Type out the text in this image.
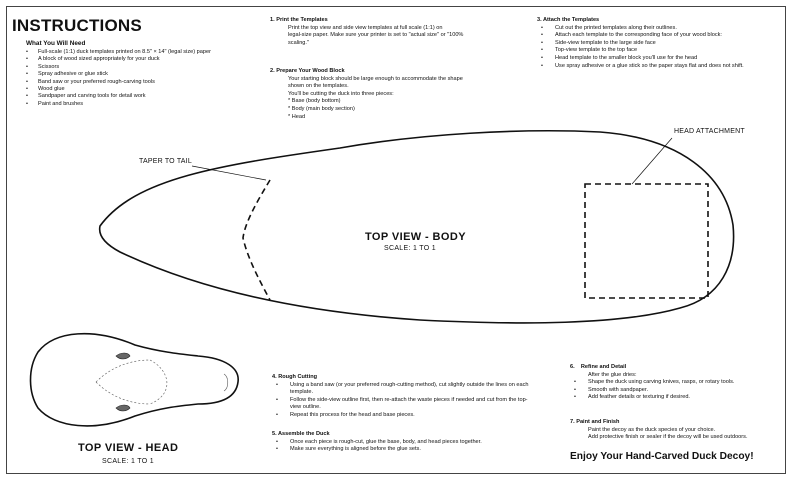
INSTRUCTIONS
What You Will Need
• Full-scale (1:1) duck templates printed on 8.5" × 14" (legal size) paper
• A block of wood sized appropriately for your duck
• Scissors
• Spray adhesive or glue stick
• Band saw or your preferred rough-carving tools
• Wood glue
• Sandpaper and carving tools for detail work
• Paint and brushes
1. Print the Templates
Print the top view and side view templates at full scale (1:1) on
legal-size paper. Make sure your printer is set to "actual size" or "100%
scaling."
2. Prepare Your Wood Block
Your starting block should be large enough to accommodate the shape
shown on the templates.
You'll be cutting the duck into three pieces:
* Base (body bottom)
* Body (main body section)
* Head
3. Attach the Templates
• Cut out the printed templates along their outlines.
• Attach each template to the corresponding face of your wood block:
• Side-view template to the large side face
• Top-view template to the top face
• Head template to the smaller block you'll use for the head
• Use spray adhesive or a glue stick so the paper stays flat and does not shift.
TAPER TO TAIL
HEAD ATTACHMENT
TOP VIEW - BODY
SCALE: 1 TO 1
4. Rough Cutting
• Using a band saw (or your preferred rough-cutting method), cut slightly outside the lines on each template.
• Follow the side-view outline first, then re-attach the waste pieces if needed and cut from the top-view outline.
• Repeat this process for the head and base pieces.
5. Assemble the Duck
• Once each piece is rough-cut, glue the base, body, and head pieces together.
• Make sure everything is aligned before the glue sets.
6.    Refine and Detail
After the glue dries:
• Shape the duck using carving knives, rasps, or rotary tools.
• Smooth with sandpaper.
• Add feather details or texturing if desired.
7. Paint and Finish
Paint the decoy as the duck species of your choice.
Add protective finish or sealer if the decoy will be used outdoors.
TOP VIEW - HEAD
SCALE: 1 TO 1	Enjoy Your Hand-Carved Duck Decoy!
